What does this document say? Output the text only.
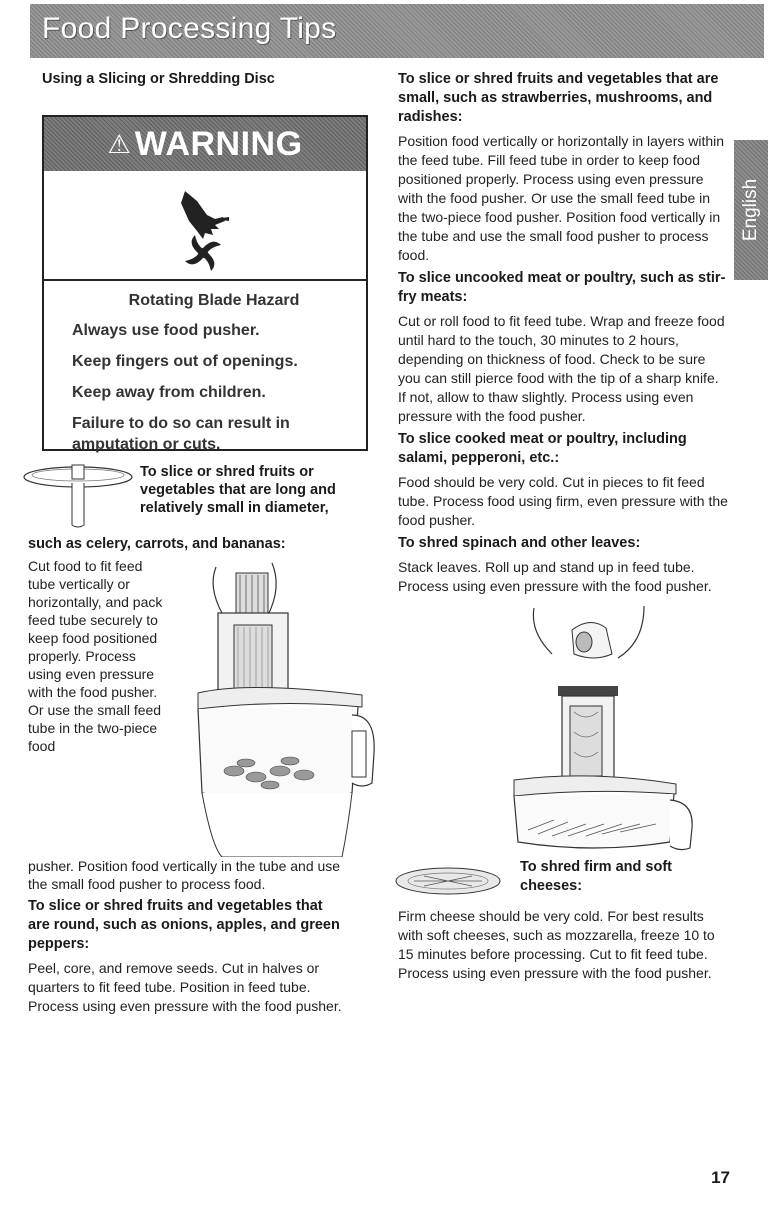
Food Processing Tips
English
Using a Slicing or Shredding Disc
⚠ WARNING
Rotating Blade Hazard
Always use food pusher.
Keep fingers out of openings.
Keep away from children.
Failure to do so can result in amputation or cuts.
To slice or shred fruits or vegetables that are long and relatively small in diameter,
such as celery, carrots, and bananas:
Cut food to fit feed tube vertically or horizontally, and pack feed tube securely to keep food positioned properly. Process using even pressure with the food pusher. Or use the small feed tube in the two-piece food
pusher. Position food vertically in the tube and use the small food pusher to process food.
To slice or shred fruits and vegetables that are round, such as onions, apples, and green peppers:
Peel, core, and remove seeds. Cut in halves or quarters to fit feed tube. Position in feed tube. Process using even pressure with the food pusher.
To slice or shred fruits and vegetables that are small, such as strawberries, mushrooms, and radishes:
Position food vertically or horizontally in layers within the feed tube. Fill feed tube in order to keep food positioned properly. Process using even pressure with the food pusher. Or use the small feed tube in the two-piece food pusher. Position food vertically in the tube and use the small food pusher to process food.
To slice uncooked meat or poultry, such as stir-fry meats:
Cut or roll food to fit feed tube. Wrap and freeze food until hard to the touch, 30 minutes to 2 hours, depending on thickness of food. Check to be sure you can still pierce food with the tip of a sharp knife. If not, allow to thaw slightly. Process using even pressure with the food pusher.
To slice cooked meat or poultry, including salami, pepperoni, etc.:
Food should be very cold. Cut in pieces to fit feed tube. Process food using firm, even pressure with the food pusher.
To shred spinach and other leaves:
Stack leaves. Roll up and stand up in feed tube. Process using even pressure with the food pusher.
To shred firm and soft cheeses:
Firm cheese should be very cold. For best results with soft cheeses, such as mozzarella, freeze 10 to 15 minutes before processing. Cut to fit feed tube. Process using even pressure with the food pusher.
17
